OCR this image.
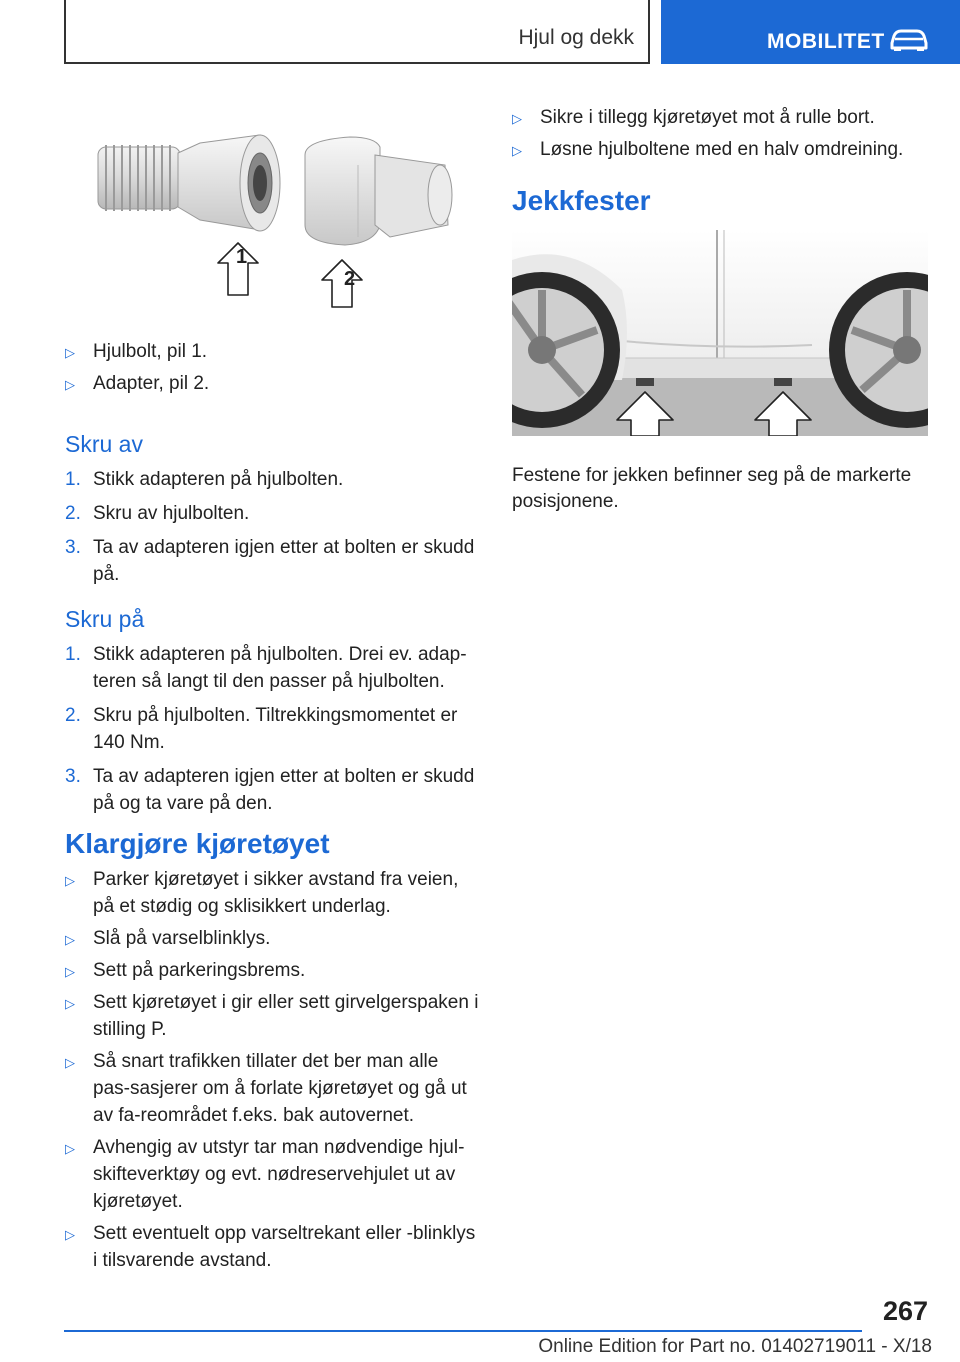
Hjul og dekk	MOBILITET
1
2
▷ Hjulbolt, pil 1.
▷ Adapter, pil 2.
Skru av
1. Stikk adapteren på hjulbolten.
2. Skru av hjulbolten.
3. Ta av adapteren igjen etter at bolten er skudd på.
Skru på
1. Stikk adapteren på hjulbolten. Drei ev. adap‐teren så langt til den passer på hjulbolten.
2. Skru på hjulbolten. Tiltrekkingsmomentet er 140 Nm.
3. Ta av adapteren igjen etter at bolten er skudd på og ta vare på den.
Klargjøre kjøretøyet
▷ Parker kjøretøyet i sikker avstand fra veien, på et stødig og sklisikkert underlag.
▷ Slå på varselblinklys.
▷ Sett på parkeringsbrems.
▷ Sett kjøretøyet i gir eller sett girvelgerspaken i stilling P.
▷ Så snart trafikken tillater det ber man alle pas‐sasjerer om å forlate kjøretøyet og gå ut av fa‐reområdet f.eks. bak autovernet.
▷ Avhengig av utstyr tar man nødvendige hjul‐skifteverktøy og evt. nødreservehjulet ut av kjøretøyet.
▷ Sett eventuelt opp varseltrekant eller ‑blinklys i tilsvarende avstand.
▷ Sikre i tillegg kjøretøyet mot å rulle bort.
▷ Løsne hjulboltene med en halv omdreining.
Jekkfester
Festene for jekken befinner seg på de markerte posisjonene.
267
Online Edition for Part no. 01402719011 - X/18
